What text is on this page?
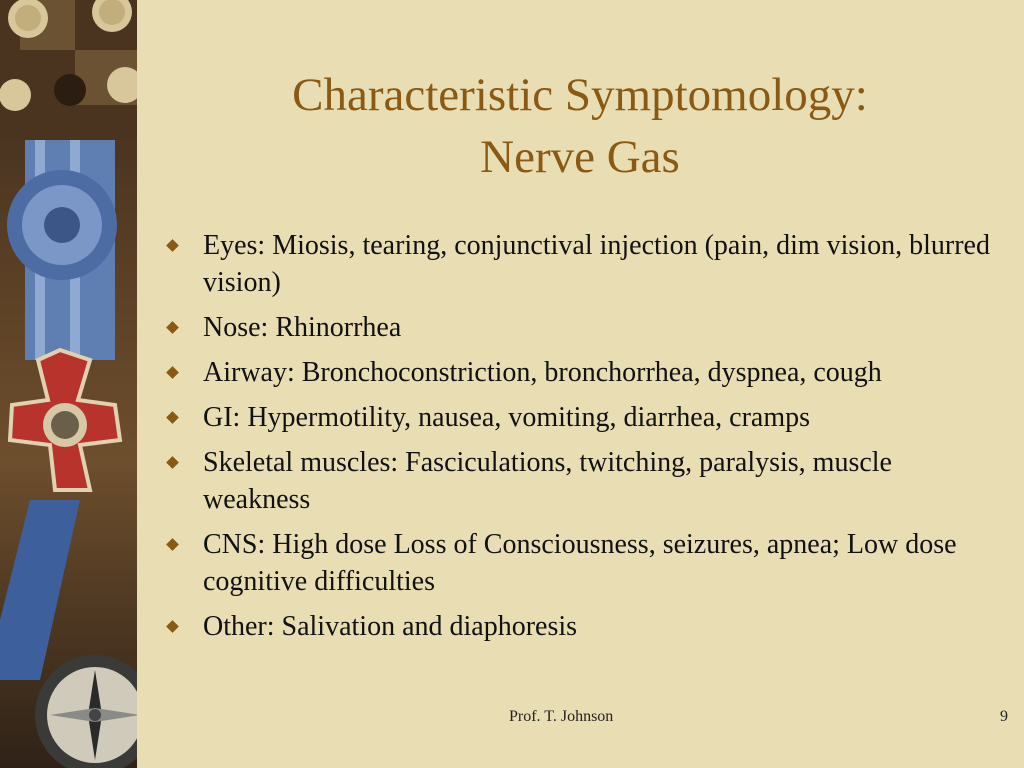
Characteristic Symptomology:
Nerve Gas
Eyes: Miosis, tearing, conjunctival injection (pain, dim vision, blurred vision)
Nose: Rhinorrhea
Airway: Bronchoconstriction, bronchorrhea, dyspnea, cough
GI: Hypermotility, nausea, vomiting, diarrhea, cramps
Skeletal muscles: Fasciculations, twitching, paralysis, muscle weakness
CNS: High dose Loss of Consciousness, seizures, apnea; Low dose cognitive difficulties
Other: Salivation and diaphoresis
Prof. T. Johnson	9
